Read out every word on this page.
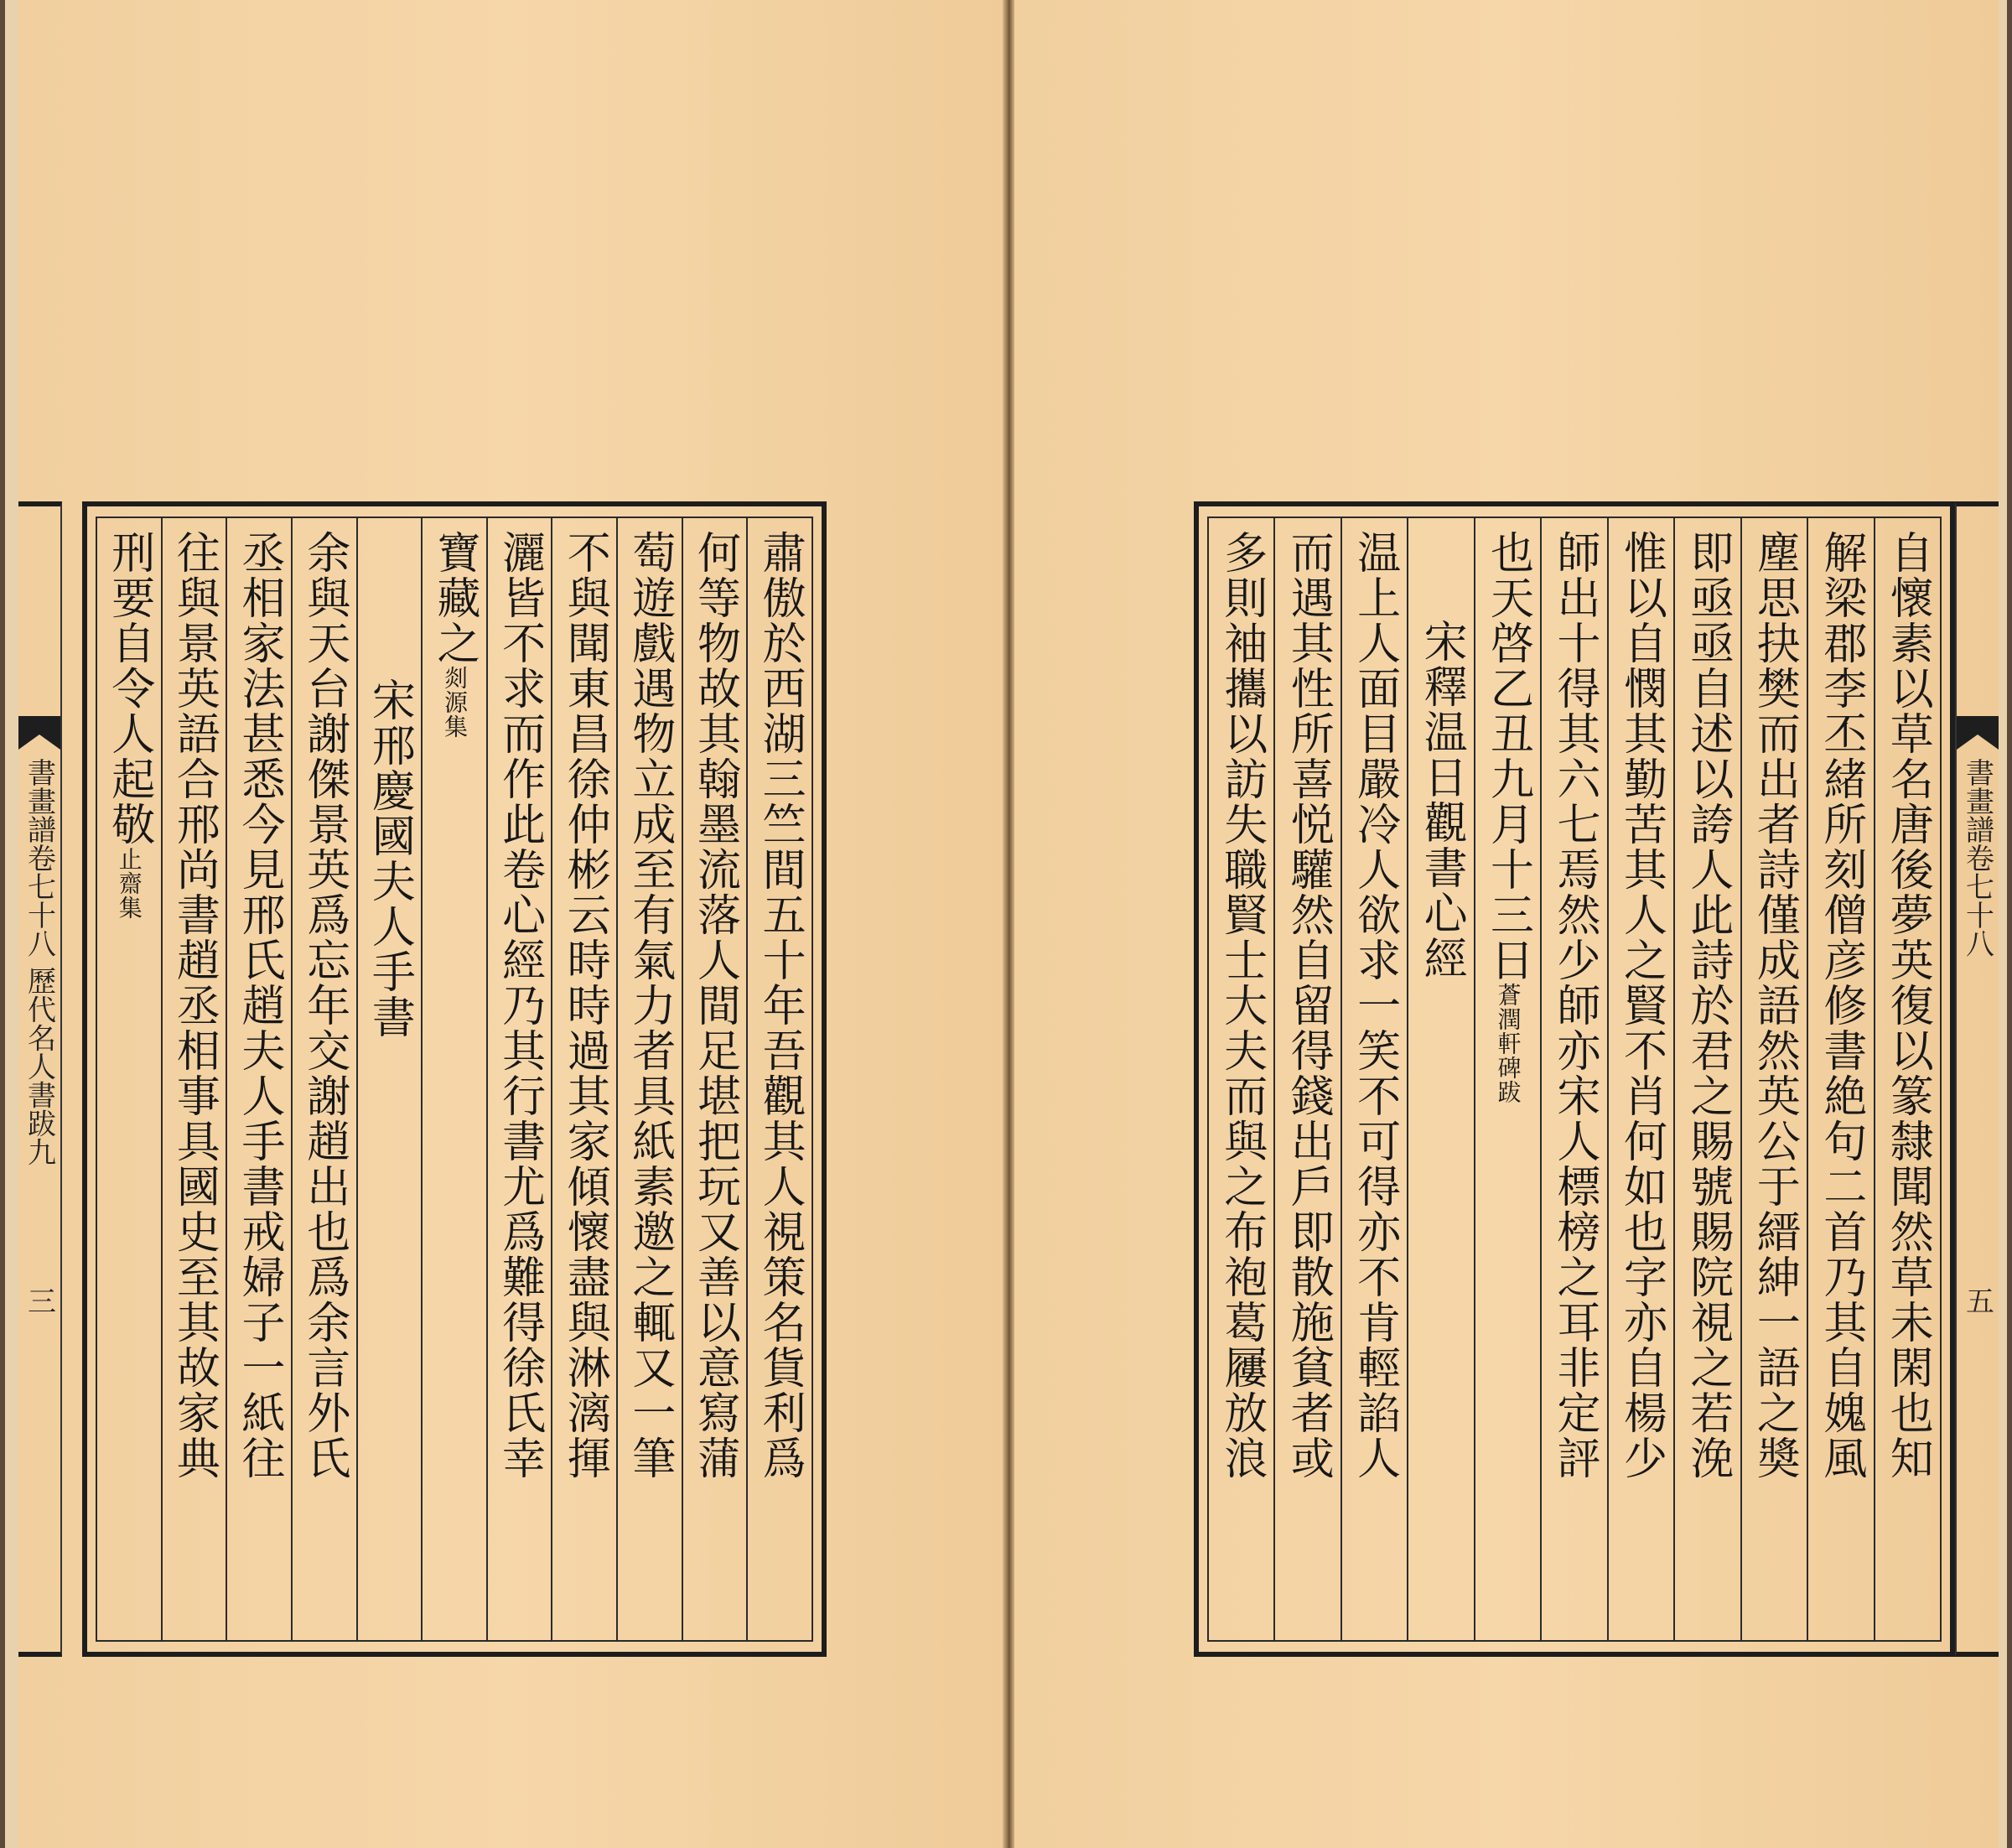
書畫譜卷七十八 歷代名人書跋九
三	肅傲於西湖三竺間五十年吾觀其人視策名貨利爲
何等物故其翰墨流落人間足堪把玩又善以意寫蒲
萄遊戲遇物立成至有氣力者具紙素邀之輒又一筆
不與聞東昌徐仲彬云時時過其家傾懷盡與淋漓揮
灑皆不求而作此卷心經乃其行書尤爲難得徐氏幸
寶藏之剡源集
宋邢慶國夫人手書
余與天台謝傑景英爲忘年交謝趙出也爲余言外氏
丞相家法甚悉今見邢氏趙夫人手書戒婦子一紙往
往與景英語合邢尚書趙丞相事具國史至其故家典
刑要自令人起敬止齋集	自懷素以草名唐後夢英復以篆隸聞然草未閑也知
解梁郡李丕緒所刻僧彦修書絶句二首乃其自媿風
塵思抉樊而出者詩僅成語然英公于縉紳一語之奬
即亟亟自述以誇人此詩於君之賜號賜院視之若浼
惟以自憫其勤苦其人之賢不肖何如也字亦自楊少
師出十得其六七焉然少師亦宋人標榜之耳非定評
也天啓乙丑九月十三日蒼潤軒碑跋
宋釋温日觀書心經
温上人面目嚴冷人欲求一笑不可得亦不肯輕諂人
而遇其性所喜悦驩然自留得錢出戶即散施貧者或
多則袖攜以訪失職賢士大夫而與之布袍葛屨放浪	書畫譜卷七十八
五
